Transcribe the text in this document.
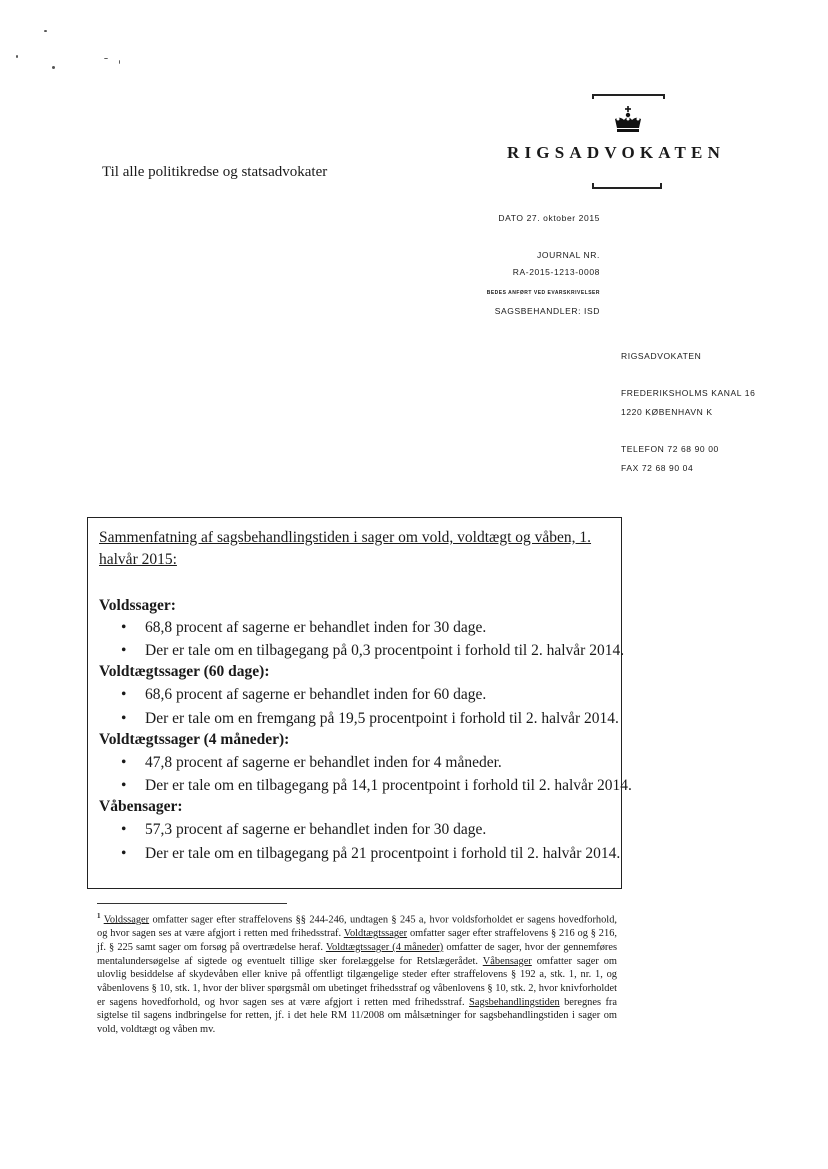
RIGSADVOKATEN
Til alle politikredse og statsadvokater
DATO 27. oktober 2015
JOURNAL NR.
RA-2015-1213-0008
BEDES ANFØRT VED EVARSKRIVELSER
SAGSBEHANDLER: ISD
RIGSADVOKATEN
FREDERIKSHOLMS KANAL 16
1220 KØBENHAVN K
TELEFON 72 68 90 00
FAX 72 68 90 04
Sammenfatning af sagsbehandlingstiden i sager om vold, voldtægt og våben, 1. halvår 2015:
Voldssager:
• 68,8 procent af sagerne er behandlet inden for 30 dage.
• Der er tale om en tilbagegang på 0,3 procentpoint i forhold til 2. halvår 2014.
Voldtægtssager (60 dage):
• 68,6 procent af sagerne er behandlet inden for 60 dage.
• Der er tale om en fremgang på 19,5 procentpoint i forhold til 2. halvår 2014.
Voldtægtssager (4 måneder):
• 47,8 procent af sagerne er behandlet inden for 4 måneder.
• Der er tale om en tilbagegang på 14,1 procentpoint i forhold til 2. halvår 2014.
Våbensager:
• 57,3 procent af sagerne er behandlet inden for 30 dage.
• Der er tale om en tilbagegang på 21 procentpoint i forhold til 2. halvår 2014.
$^1$ Voldssager omfatter sager efter straffelovens §§ 244-246, undtagen § 245 a, hvor voldsforholdet er sagens hovedforhold, og hvor sagen ses at være afgjort i retten med frihedsstraf. Voldtægtssager omfatter sager efter straffelovens § 216 og § 216, jf. § 225 samt sager om forsøg på overtrædelse heraf. Voldtægtssager (4 måneder) omfatter de sager, hvor der gennemføres mentalundersøgelse af sigtede og eventuelt tillige sker forelæggelse for Retslægerådet. Våbensager omfatter sager om ulovlig besiddelse af skydevåben eller knive på offentligt tilgængelige steder efter straffelovens § 192 a, stk. 1, nr. 1, og våbenlovens § 10, stk. 1, hvor der bliver spørgsmål om ubetinget frihedsstraf og våbenlovens § 10, stk. 2, hvor knivforholdet er sagens hovedforhold, og hvor sagen ses at være afgjort i retten med frihedsstraf. Sagsbehandlingstiden beregnes fra sigtelse til sagens indbringelse for retten, jf. i det hele RM 11/2008 om målsætninger for sagsbehandlingstiden i sager om vold, voldtægt og våben mv.
